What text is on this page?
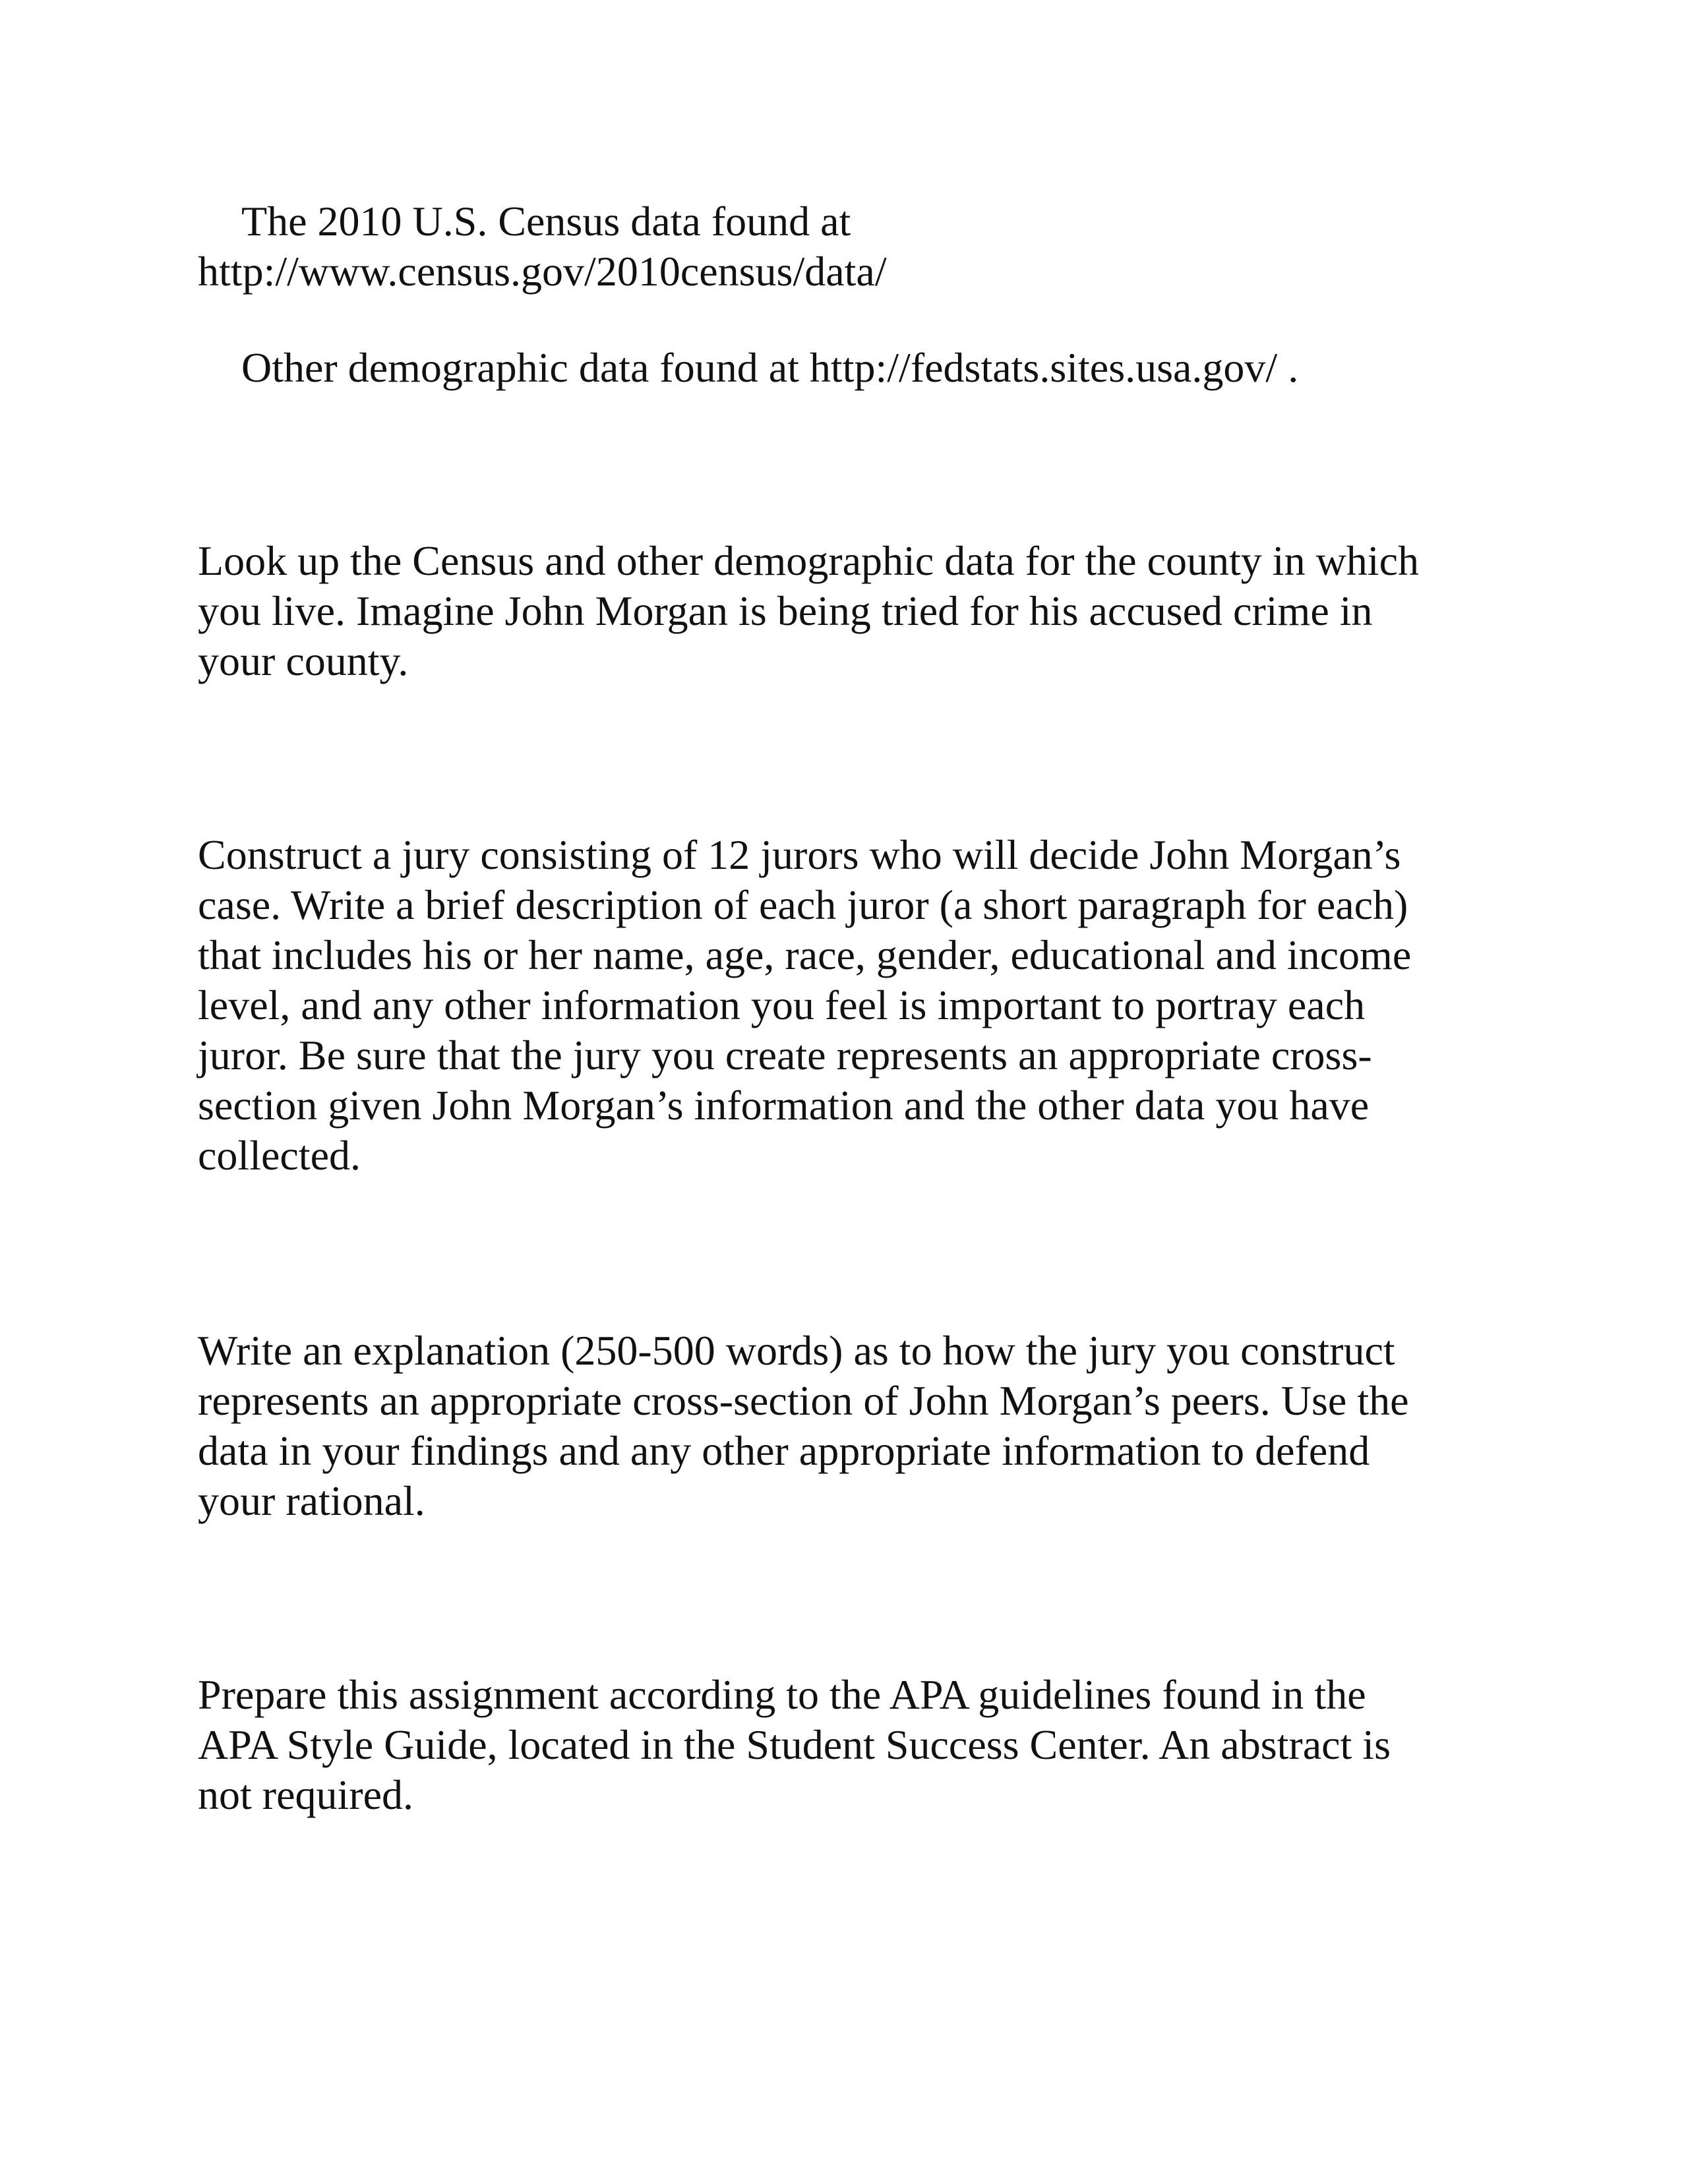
The 2010 U.S. Census data found at
http://www.census.gov/2010census/data/

Other demographic data found at http://fedstats.sites.usa.gov/ .

Look up the Census and other demographic data for the county in which
you live. Imagine John Morgan is being tried for his accused crime in
your county.

Construct a jury consisting of 12 jurors who will decide John Morgan’s
case. Write a brief description of each juror (a short paragraph for each)
that includes his or her name, age, race, gender, educational and income
level, and any other information you feel is important to portray each
juror. Be sure that the jury you create represents an appropriate cross-
section given John Morgan’s information and the other data you have
collected.

Write an explanation (250-500 words) as to how the jury you construct
represents an appropriate cross-section of John Morgan’s peers. Use the
data in your findings and any other appropriate information to defend
your rational.

Prepare this assignment according to the APA guidelines found in the
APA Style Guide, located in the Student Success Center. An abstract is
not required.
